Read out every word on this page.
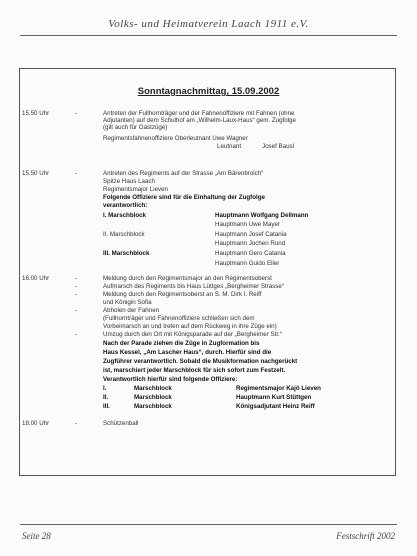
Volks- und Heimatverein Laach 1911 e.V.
Sonntagnachmittag, 15.09.2002
15.50 Uhr	-	Antreten der Fullhornträger und der Fahnenoffiziere mit Fahnen (ohne
Adjutanten) auf dem Schulhof am „Wilhelm-Laux-Haus“ gem. Zugfolge
(gilt auch für Gastzüge)
Regimentsfahnenoffiziere Oberleutnant Uwe Wagner
Leutnant	Josef Bausl
15.50 Uhr	-	Antreten des Regiments auf der Strasse „Am Bärenbroich“
Spitze Haus Laach
Regimentsmajor Lieven
Folgende Offiziere sind für die Einhaltung der Zugfolge
verantwortlich:
I. Marschblock	Hauptmann Wolfgang Dellmann
Hauptmann Uwe Mayer
II. Marschblock	Hauptmann Josef Catania
Hauptmann Jochen Rund
III. Marschblock	Hauptmann Gero Catania
Hauptmann Guido Eller
16.00 Uhr	-	Meldung durch den Regimentsmajor an den Regimentsoberst
-	Aufmarsch des Regiments bis Haus Lüttges „Bergheimer Strasse“
-	Meldung durch den Regimentsoberst an S. M. Dirk I. Reiff
und Königin Sofia
-	Abholen der Fahnen
(Fullhornträger und Fahnenoffiziere schließen sich dem
Vorbeimarsch an und treten auf dem Rückweg in ihre Züge ein)
-	Umzug durch den Ort mit Königsparade auf der „Bergheimer Str.“
Nach der Parade ziehen die Züge in Zugformation bis
Haus Kessel, „Am Lascher Haus“, durch. Hierfür sind die
Zugführer verantwortlich. Sobald die Musikformation nachgerückt
ist, marschiert jeder Marschblock für sich sofort zum Festzelt.
Verantwortlich hierfür sind folgende Offiziere:
I.	Marschblock	Regimentsmajor Kajö Lieven
II.	Marschblock	Hauptmann Kurt Stüttgen
III.	Marschblock	Königsadjutant Heinz Reiff
18.00 Uhr	-	Schützenball
Seite 28	Festschrift 2002
